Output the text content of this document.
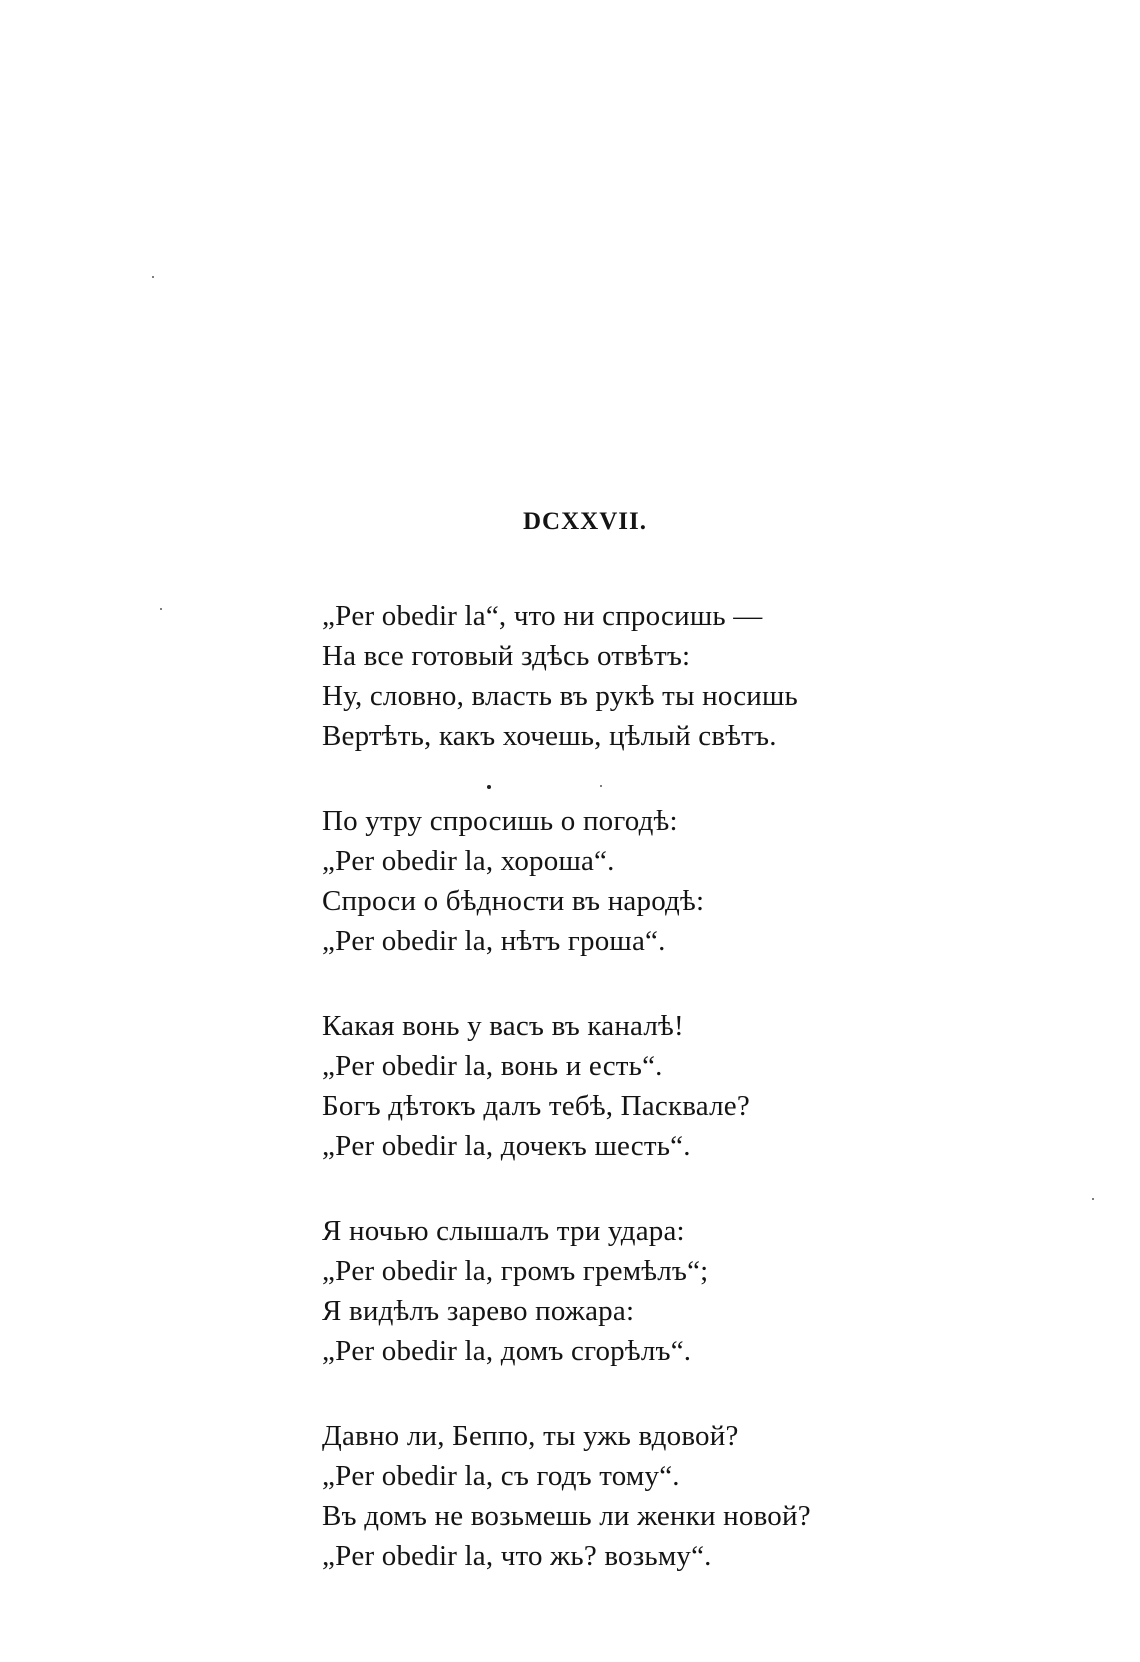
DCXXVII.
„Per obedir la“, что ни спросишь —
На все готовый здѣсь отвѣтъ:
Ну, словно, власть въ рукѣ ты носишь
Вертѣть, какъ хочешь, цѣлый свѣтъ.
По утру спросишь о погодѣ:
„Per obedir la, хороша“.
Спроси о бѣдности въ народѣ:
„Per obedir la, нѣтъ гроша“.
Какая вонь у васъ въ каналѣ!
„Per obedir la, вонь и есть“.
Богъ дѣтокъ далъ тебѣ, Пасквале?
„Per obedir la, дочекъ шесть“.
Я ночью слышалъ три удара:
„Per obedir la, громъ гремѣлъ“;
Я видѣлъ зарево пожара:
„Per obedir la, домъ сгорѣлъ“.
Давно ли, Беппо, ты ужь вдовой?
„Per obedir la, съ годъ тому“.
Въ домъ не возьмешь ли женки новой?
„Per obedir la, что жь? возьму“.
